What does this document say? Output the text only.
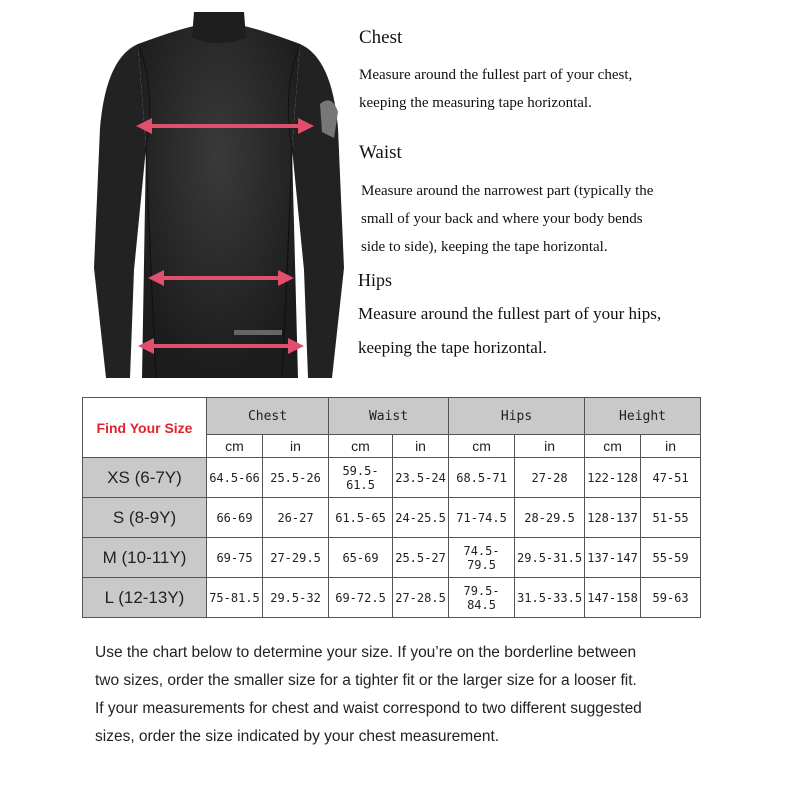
Chest
Measure around the fullest part of your chest,
keeping the measuring tape horizontal.
Waist
Measure around the narrowest part (typically the
small of your back and where your body bends
side to side), keeping the tape horizontal.
Hips
Measure around the fullest part of your hips,
keeping the tape horizontal.
Find Your Size	Chest		Waist		Hips		Height	
	cm	in	cm	in	cm	in	cm	in
XS (6-7Y)	64.5-66	25.5-26	59.5-61.5	23.5-24	68.5-71	27-28	122-128	47-51
S (8-9Y)	66-69	26-27	61.5-65	24-25.5	71-74.5	28-29.5	128-137	51-55
M (10-11Y)	69-75	27-29.5	65-69	25.5-27	74.5-79.5	29.5-31.5	137-147	55-59
L (12-13Y)	75-81.5	29.5-32	69-72.5	27-28.5	79.5-84.5	31.5-33.5	147-158	59-63

Use the chart below to determine your size. If you’re on the borderline between

two sizes, order the smaller size for a tighter fit or the larger size for a looser fit.

If your measurements for chest and waist correspond to two different suggested

sizes, order the size indicated by your chest measurement.
